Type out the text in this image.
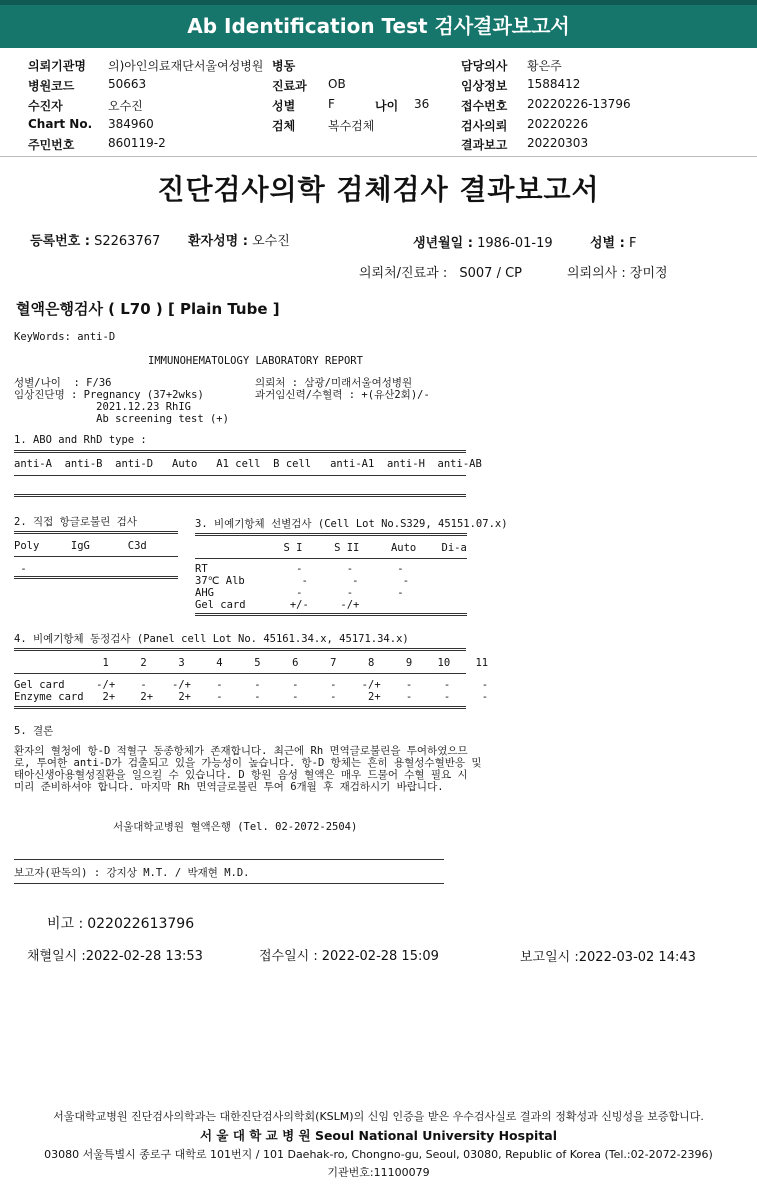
Ab Identification Test 검사결과보고서
의뢰기관명 의)아인의료재단서울여성병원 병동
병원코드	50663	진료과 OB
수진자	오수진	성별	F	나이 36
Chart No. 384960	검체	복수검체
주민번호	860119-2
담당의사 황은주
임상정보 1588412
접수번호 20220226-13796
검사의뢰 20220226
결과보고 20220303
진단검사의학 검체검사 결과보고서
등록번호 : S2263767 환자성명 : 오수진	생년월일 : 1986-01-19	성별 : F
의뢰처/진료과 : S007 / CP	의뢰의사 : 장미정
혈액은행검사 ( L70 ) [ Plain Tube ]
KeyWords: anti-D
IMMUNOHEMATOLOGY LABORATORY REPORT
성별/나이  : F/36
임상진단명 : Pregnancy (37+2wks)
2021.12.23 RhIG
Ab screening test (+)
의뢰처 : 삼광/미래서울여성병원
과거임신력/수혈력 : +(유산2회)/-
1. ABO and RhD type :
anti-A  anti-B  anti-D   Auto   A1 cell  B cell   anti-A1  anti-H  anti-AB
2. 직접 항글로불린 검사
Poly     IgG      C3d
-
3. 비예기항체 선별검사 (Cell Lot No.S329, 45151.07.x)
S I     S II     Auto    Di-a
RT              -       -       -
37℃ Alb         -       -       -
AHG             -       -       -
Gel card       +/-     -/+
4. 비예기항체 동정검사 (Panel cell Lot No. 45161.34.x, 45171.34.x)
1     2     3     4     5     6     7     8     9    10    11
Gel card     -/+    -    -/+    -     -     -     -    -/+    -     -     -
Enzyme card   2+    2+    2+    -     -     -     -     2+    -     -     -
5. 결론
환자의 혈청에 항-D 적혈구 동종항체가 존재합니다. 최근에 Rh 면역글로불린을 투여하였으므로, 투여한 anti-D가 검출되고 있을 가능성이 높습니다. 항-D 항체는 흔히 용혈성수혈반응 및 태아신생아용혈성질환을 일으킬 수 있습니다. D 항원 음성 혈액은 매우 드물어 수혈 필요 시 미리 준비하셔야 합니다. 마지막 Rh 면역글로불린 투여 6개월 후 재검하시기 바랍니다.
서울대학교병원 혈액은행 (Tel. 02-2072-2504)
보고자(판독의) : 강지상 M.T. / 박재현 M.D.
비고 : 022022613796
채혈일시 :2022-02-28 13:53	접수일시 : 2022-02-28 15:09	보고일시 :2022-03-02 14:43
서울대학교병원 진단검사의학과는 대한진단검사의학회(KSLM)의 신임 인증을 받은 우수검사실로 결과의 정확성과 신빙성을 보증합니다.
서 울 대 학 교 병 원 Seoul National University Hospital
03080 서울특별시 종로구 대학로 101번지 / 101 Daehak-ro, Chongno-gu, Seoul, 03080, Republic of Korea (Tel.:02-2072-2396)
기관번호:11100079
